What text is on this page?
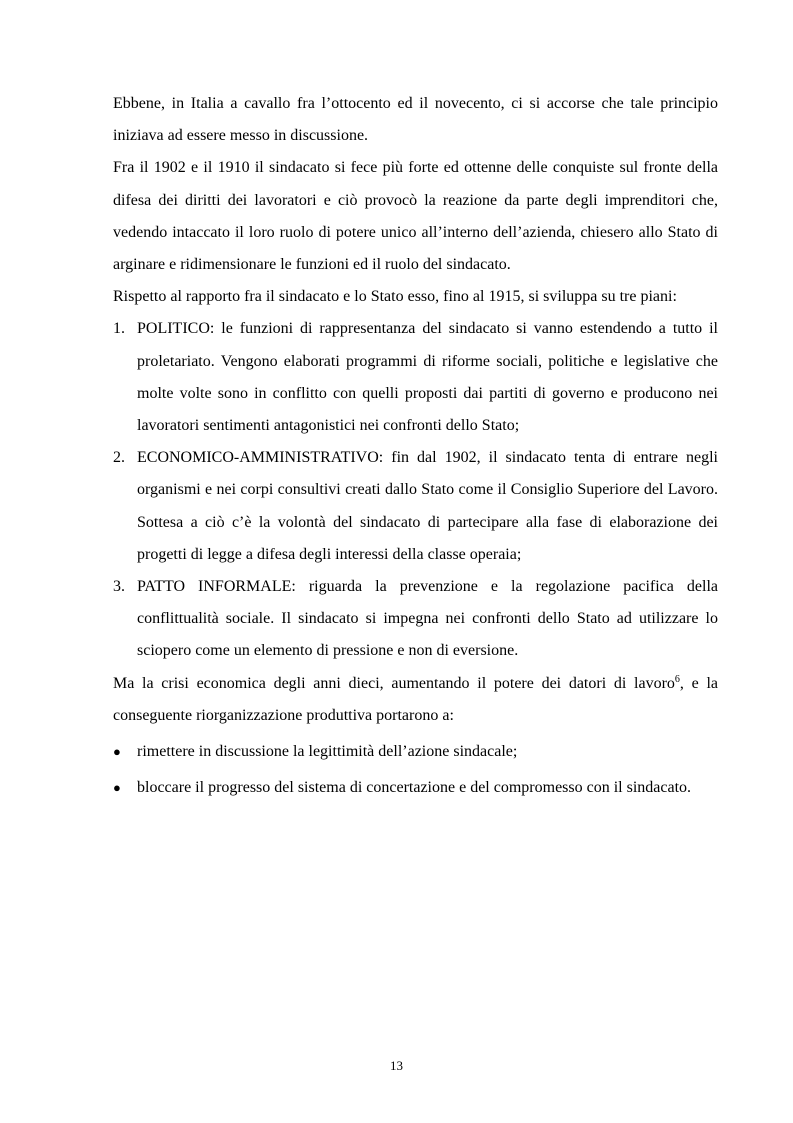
Ebbene, in Italia a cavallo fra l’ottocento ed il novecento, ci si accorse che tale principio iniziava ad essere messo in discussione.

Fra il 1902 e il 1910 il sindacato si fece più forte ed ottenne delle conquiste sul fronte della difesa dei diritti dei lavoratori e ciò provocò la reazione da parte degli imprenditori che, vedendo intaccato il loro ruolo di potere unico all’interno dell’azienda, chiesero allo Stato di arginare e ridimensionare le funzioni ed il ruolo del sindacato.

Rispetto al rapporto fra il sindacato e lo Stato esso, fino al 1915, si sviluppa su tre piani:

1. POLITICO: le funzioni di rappresentanza del sindacato si vanno estendendo a tutto il proletariato. Vengono elaborati programmi di riforme sociali, politiche e legislative che molte volte sono in conflitto con quelli proposti dai partiti di governo e producono nei lavoratori sentimenti antagonistici nei confronti dello Stato;
2. ECONOMICO-AMMINISTRATIVO: fin dal 1902, il sindacato tenta di entrare negli organismi e nei corpi consultivi creati dallo Stato come il Consiglio Superiore del Lavoro. Sottesa a ciò c’è la volontà del sindacato di partecipare alla fase di elaborazione dei progetti di legge a difesa degli interessi della classe operaia;
3. PATTO INFORMALE: riguarda la prevenzione e la regolazione pacifica della conflittualità sociale. Il sindacato si impegna nei confronti dello Stato ad utilizzare lo sciopero come un elemento di pressione e non di eversione.

Ma la crisi economica degli anni dieci, aumentando il potere dei datori di lavoro$^6$, e la conseguente riorganizzazione produttiva portarono a:

● rimettere in discussione la legittimità dell’azione sindacale;
● bloccare il progresso del sistema di concertazione e del compromesso con il sindacato.
13
